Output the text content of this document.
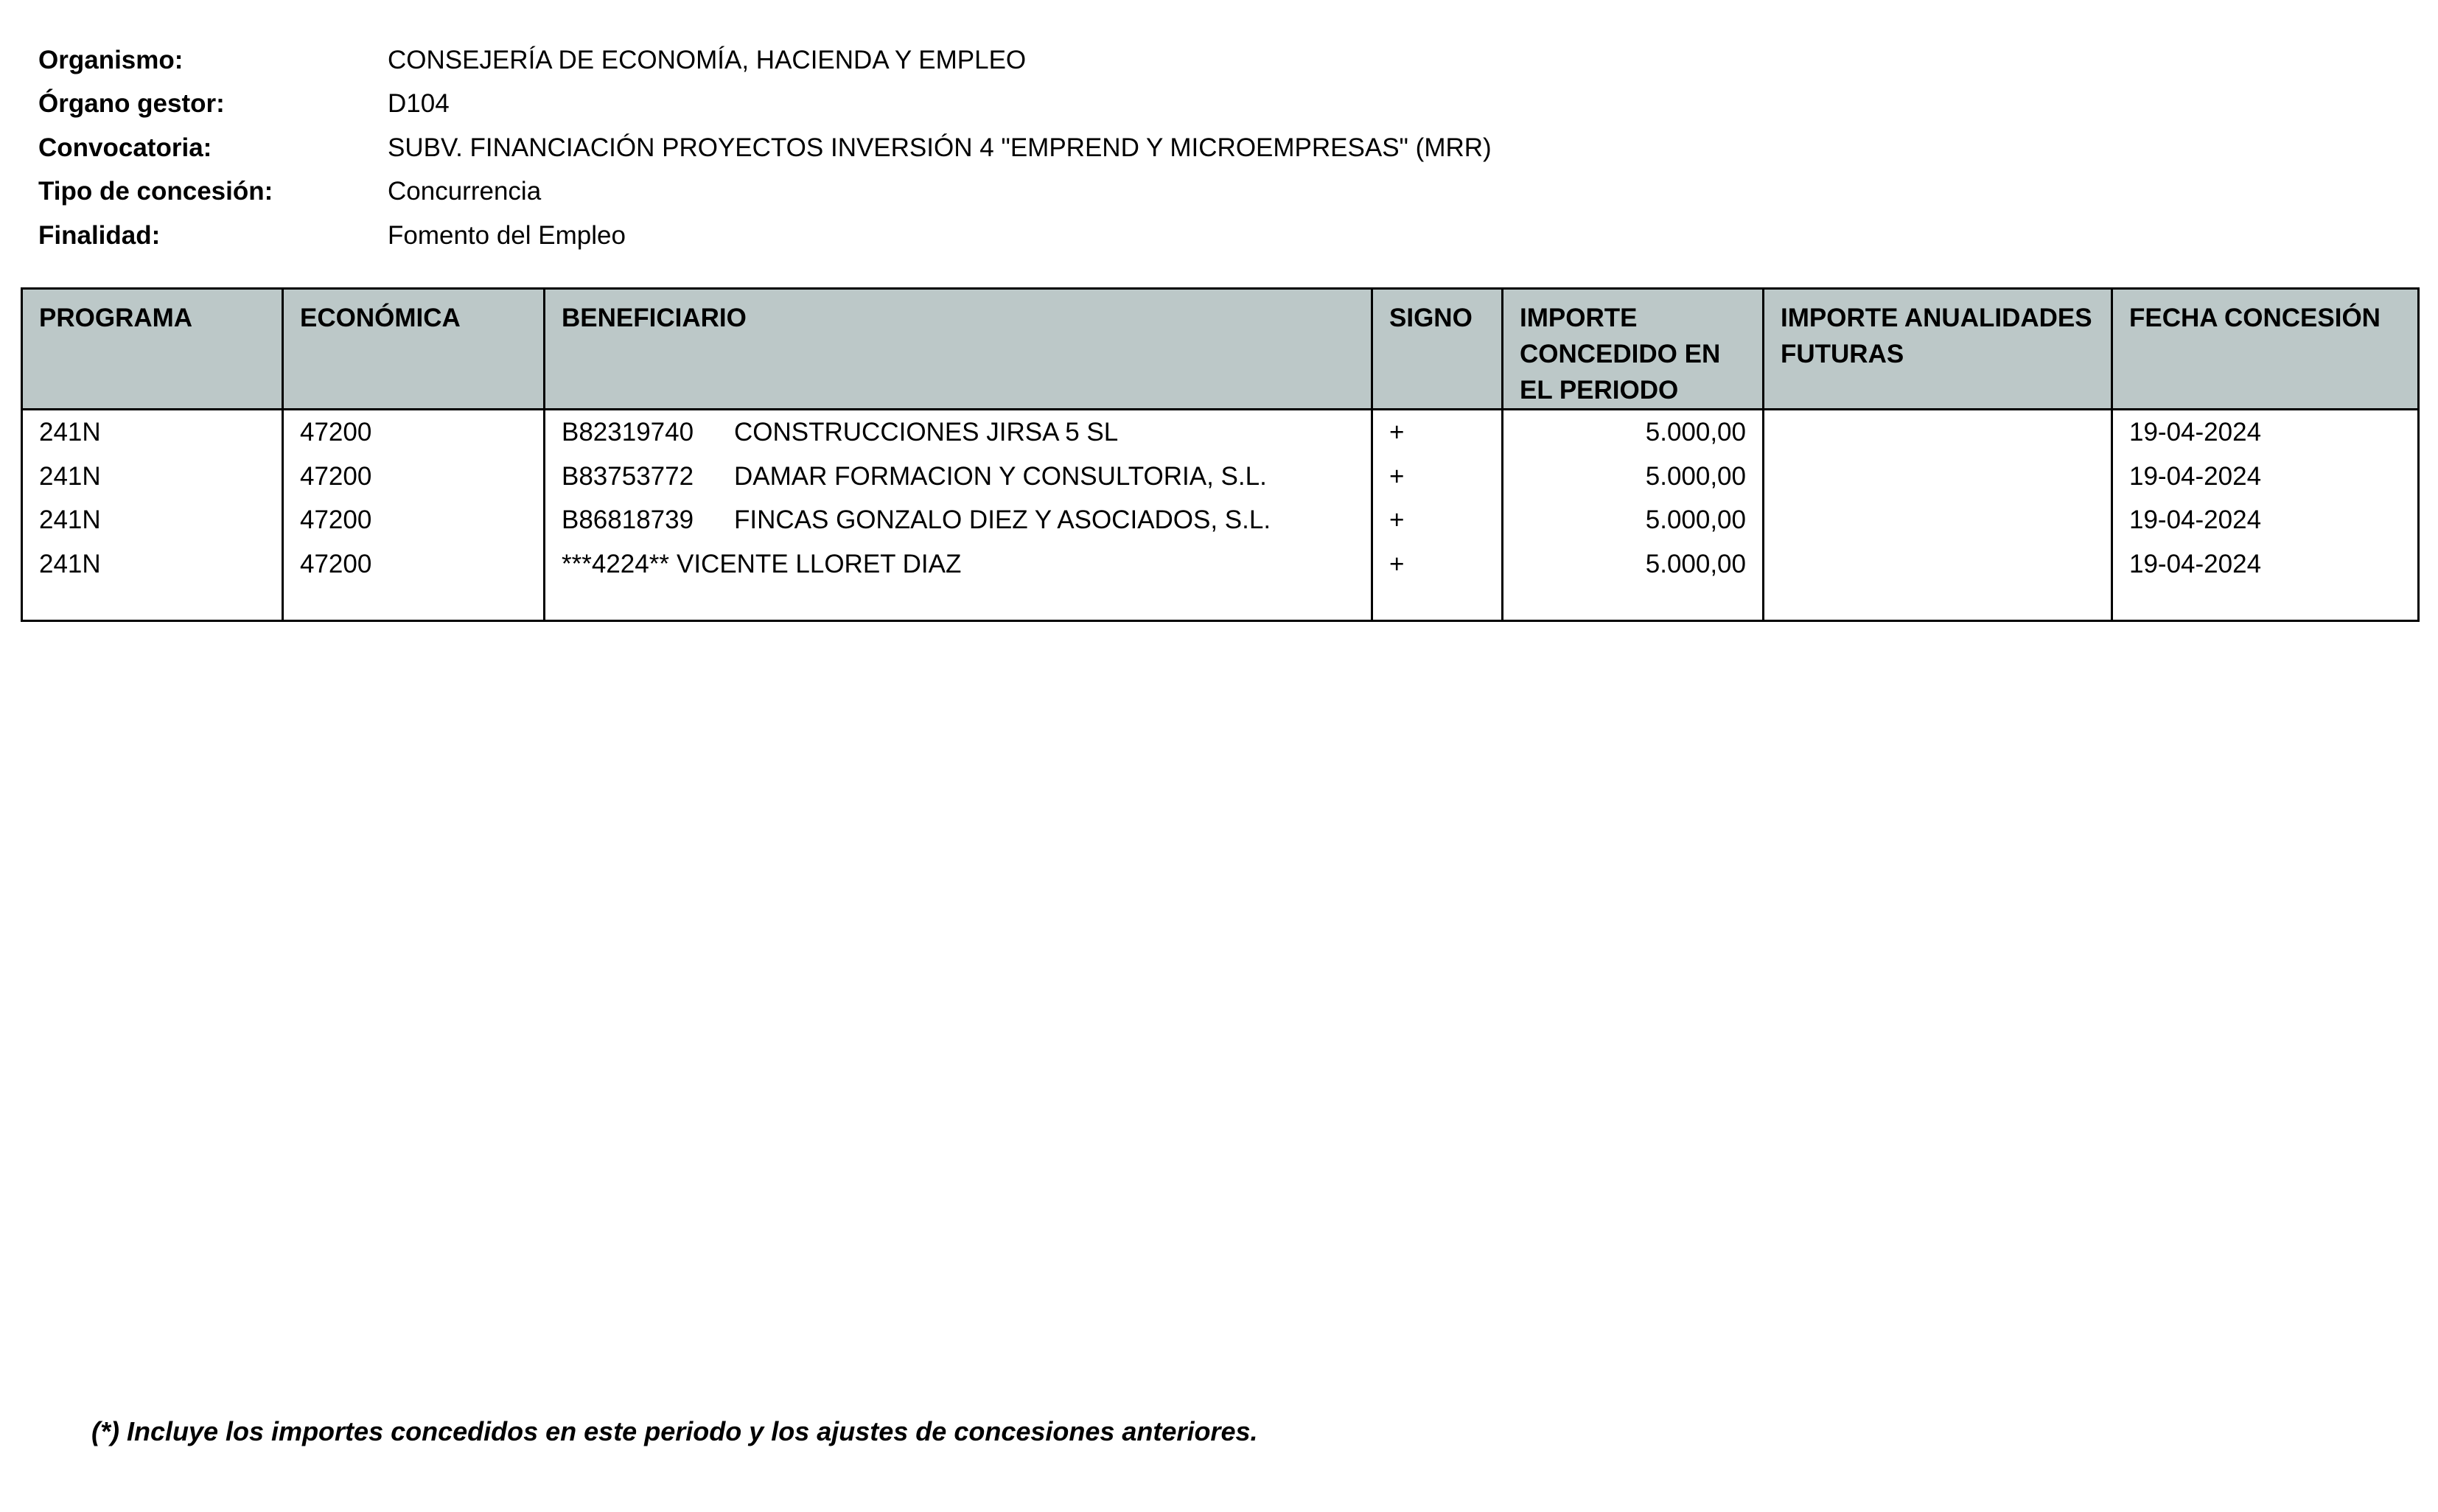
Organismo:	CONSEJERÍA DE ECONOMÍA, HACIENDA Y EMPLEO
Órgano gestor:	D104
Convocatoria:	SUBV. FINANCIACIÓN PROYECTOS INVERSIÓN 4 "EMPREND Y MICROEMPRESAS" (MRR)
Tipo de concesión:	Concurrencia
Finalidad:	Fomento del Empleo
PROGRAMA	ECONÓMICA	BENEFICIARIO	SIGNO	IMPORTE CONCEDIDO EN EL PERIODO	IMPORTE ANUALIDADES FUTURAS	FECHA CONCESIÓN
241N	47200	B82319740 CONSTRUCCIONES JIRSA 5 SL	+	5.000,00		19-04-2024
241N	47200	B83753772 DAMAR FORMACION Y CONSULTORIA, S.L.	+	5.000,00		19-04-2024
241N	47200	B86818739 FINCAS GONZALO DIEZ Y ASOCIADOS, S.L.	+	5.000,00		19-04-2024
241N	47200	***4224** VICENTE LLORET DIAZ	+	5.000,00		19-04-2024

(*) Incluye los importes concedidos en este periodo y los ajustes de concesiones anteriores.
